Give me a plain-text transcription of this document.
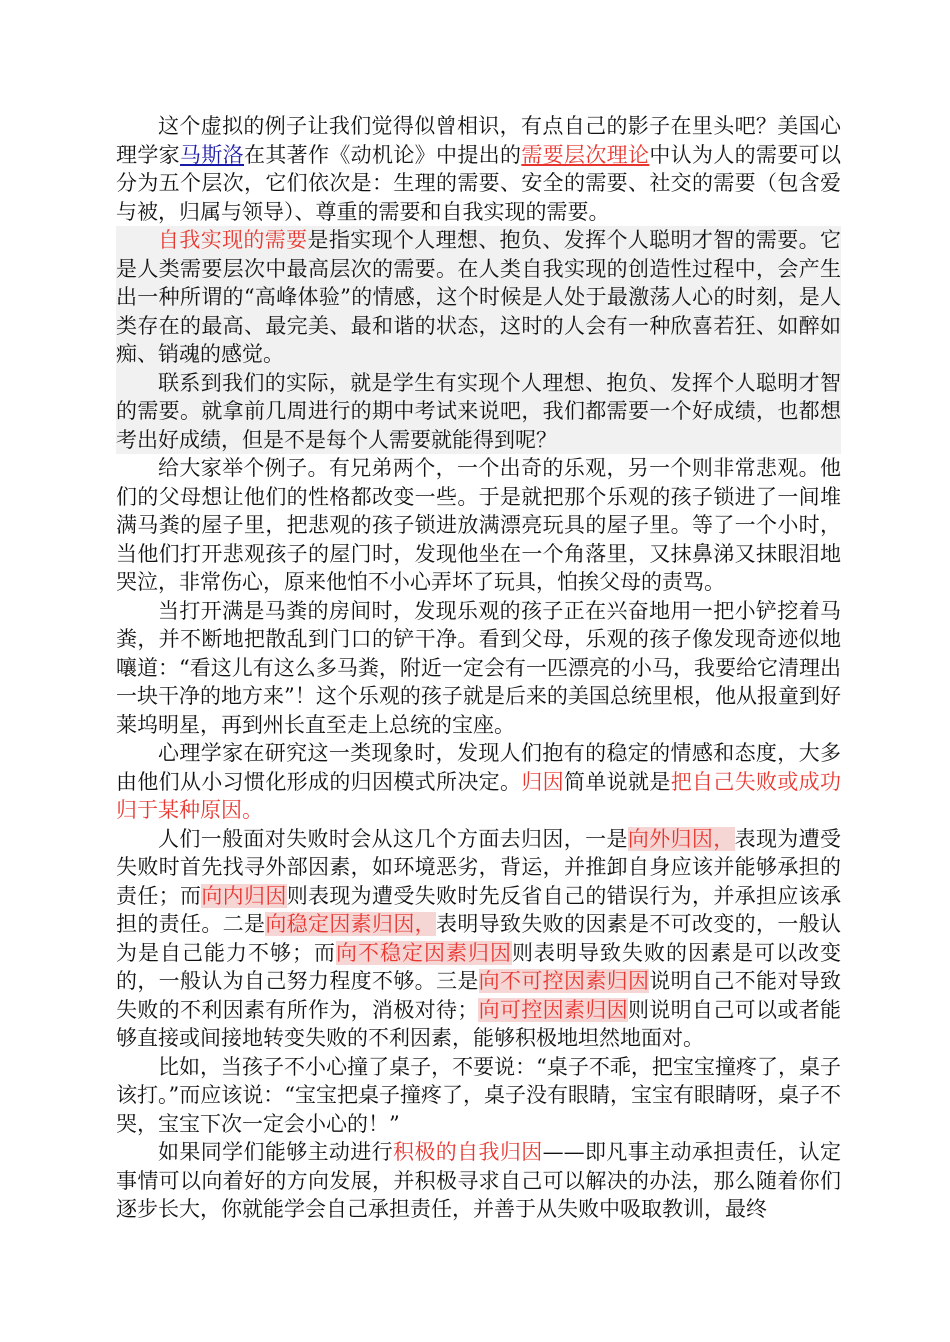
这个虚拟的例子让我们觉得似曾相识，有点自己的影子在里头吧？美国心理学家马斯洛在其著作《动机论》中提出的需要层次理论中认为人的需要可以分为五个层次，它们依次是：生理的需要、安全的需要、社交的需要（包含爱与被，归属与领导）、尊重的需要和自我实现的需要。

自我实现的需要是指实现个人理想、抱负、发挥个人聪明才智的需要。它是人类需要层次中最高层次的需要。在人类自我实现的创造性过程中，会产生出一种所谓的“高峰体验”的情感，这个时候是人处于最激荡人心的时刻，是人类存在的最高、最完美、最和谐的状态，这时的人会有一种欣喜若狂、如醉如痴、销魂的感觉。

联系到我们的实际，就是学生有实现个人理想、抱负、发挥个人聪明才智的需要。就拿前几周进行的期中考试来说吧，我们都需要一个好成绩，也都想考出好成绩，但是不是每个人需要就能得到呢？

给大家举个例子。有兄弟两个，一个出奇的乐观，另一个则非常悲观。他们的父母想让他们的性格都改变一些。于是就把那个乐观的孩子锁进了一间堆满马粪的屋子里，把悲观的孩子锁进放满漂亮玩具的屋子里。等了一个小时，当他们打开悲观孩子的屋门时，发现他坐在一个角落里，又抹鼻涕又抹眼泪地哭泣，非常伤心，原来他怕不小心弄坏了玩具，怕挨父母的责骂。

当打开满是马粪的房间时，发现乐观的孩子正在兴奋地用一把小铲挖着马粪，并不断地把散乱到门口的铲干净。看到父母，乐观的孩子像发现奇迹似地嚷道：“看这儿有这么多马粪，附近一定会有一匹漂亮的小马，我要给它清理出一块干净的地方来”！这个乐观的孩子就是后来的美国总统里根，他从报童到好莱坞明星，再到州长直至走上总统的宝座。

心理学家在研究这一类现象时，发现人们抱有的稳定的情感和态度，大多由他们从小习惯化形成的归因模式所决定。归因简单说就是把自己失败或成功归于某种原因。

人们一般面对失败时会从这几个方面去归因，一是向外归因，表现为遭受失败时首先找寻外部因素，如环境恶劣，背运，并推卸自身应该并能够承担的责任；而向内归因则表现为遭受失败时先反省自己的错误行为，并承担应该承担的责任。二是向稳定因素归因，表明导致失败的因素是不可改变的，一般认为是自己能力不够；而向不稳定因素归因则表明导致失败的因素是可以改变的，一般认为自己努力程度不够。三是向不可控因素归因说明自己不能对导致失败的不利因素有所作为，消极对待；向可控因素归因则说明自己可以或者能够直接或间接地转变失败的不利因素，能够积极地坦然地面对。

比如，当孩子不小心撞了桌子，不要说：“桌子不乖，把宝宝撞疼了，桌子该打。”而应该说：“宝宝把桌子撞疼了，桌子没有眼睛，宝宝有眼睛呀，桌子不哭，宝宝下次一定会小心的！”

如果同学们能够主动进行积极的自我归因——即凡事主动承担责任，认定事情可以向着好的方向发展，并积极寻求自己可以解决的办法，那么随着你们逐步长大，你就能学会自己承担责任，并善于从失败中吸取教训，最终
